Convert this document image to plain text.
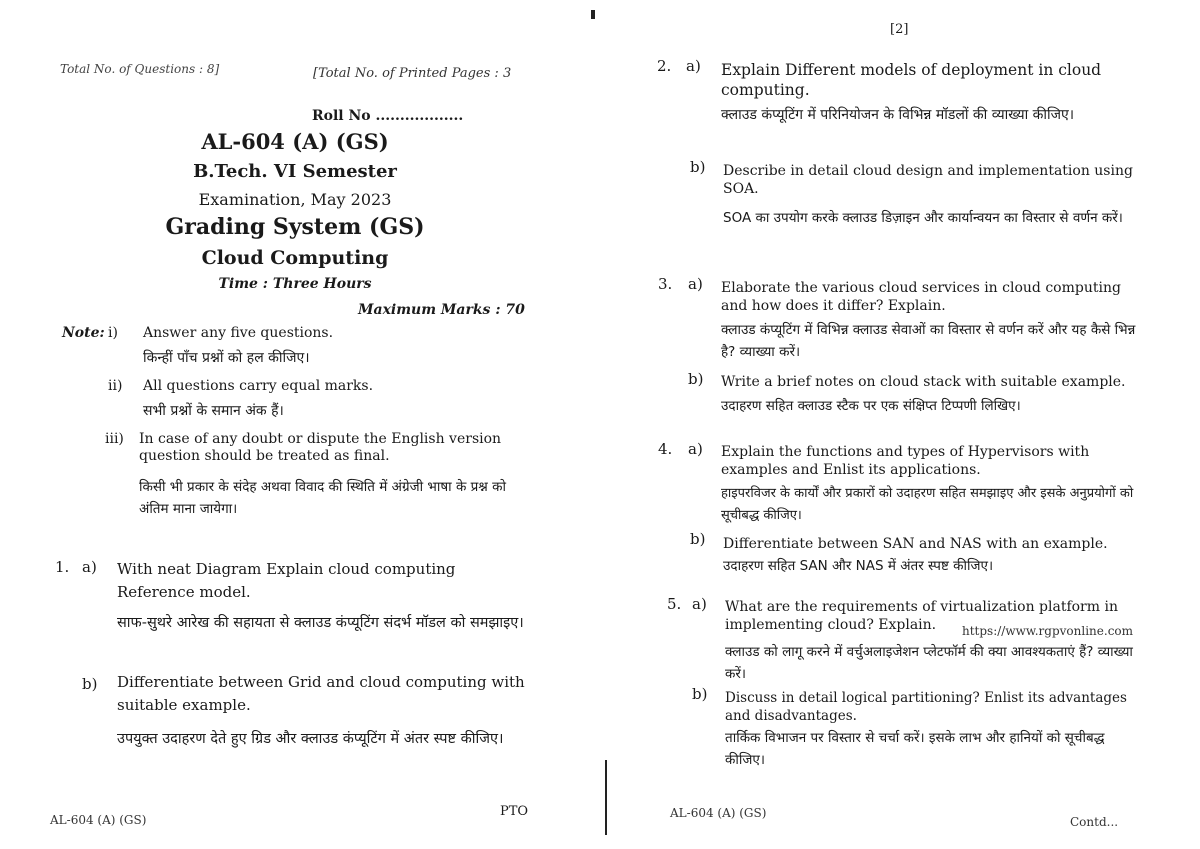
Total No. of Questions : 8]	[Total No. of Printed Pages : 3
Roll No ..................
AL-604 (A) (GS)
B.Tech. VI Semester
Examination, May 2023
Grading System (GS)
Cloud Computing
Time : Three Hours
Maximum Marks : 70
Note: i) Answer any five questions.
किन्हीं पाँच प्रश्नों को हल कीजिए।
ii) All questions carry equal marks.
सभी प्रश्नों के समान अंक हैं।
iii) In case of any doubt or dispute the English version question should be treated as final.
किसी भी प्रकार के संदेह अथवा विवाद की स्थिति में अंग्रेजी भाषा के प्रश्न को अंतिम माना जायेगा।
1. a) With neat Diagram Explain cloud computing Reference model.
साफ-सुथरे आरेख की सहायता से क्लाउड कंप्यूटिंग संदर्भ मॉडल को समझाइए।
b) Differentiate between Grid and cloud computing with suitable example.
उपयुक्त उदाहरण देते हुए ग्रिड और क्लाउड कंप्यूटिंग में अंतर स्पष्ट कीजिए।
AL-604 (A) (GS)
PTO
[2]
2. a) Explain Different models of deployment in cloud computing.
क्लाउड कंप्यूटिंग में परिनियोजन के विभिन्न मॉडलों की व्याख्या कीजिए।
b) Describe in detail cloud design and implementation using SOA.
SOA का उपयोग करके क्लाउड डिज़ाइन और कार्यान्वयन का विस्तार से वर्णन करें।
3. a) Elaborate the various cloud services in cloud computing and how does it differ? Explain.
क्लाउड कंप्यूटिंग में विभिन्न क्लाउड सेवाओं का विस्तार से वर्णन करें और यह कैसे भिन्न है? व्याख्या करें।
b) Write a brief notes on cloud stack with suitable example.
उदाहरण सहित क्लाउड स्टैक पर एक संक्षिप्त टिप्पणी लिखिए।
4. a) Explain the functions and types of Hypervisors with examples and Enlist its applications.
हाइपरविजर के कार्यों और प्रकारों को उदाहरण सहित समझाइए और इसके अनुप्रयोगों को सूचीबद्ध कीजिए।
b) Differentiate between SAN and NAS with an example.
उदाहरण सहित SAN और NAS में अंतर स्पष्ट कीजिए।
5. a) What are the requirements of virtualization platform in implementing cloud? Explain.	https://www.rgpvonline.com
क्लाउड को लागू करने में वर्चुअलाइजेशन प्लेटफॉर्म की क्या आवश्यकताएं हैं? व्याख्या करें।
b) Discuss in detail logical partitioning? Enlist its advantages and disadvantages.
तार्किक विभाजन पर विस्तार से चर्चा करें। इसके लाभ और हानियों को सूचीबद्ध कीजिए।
AL-604 (A) (GS)
Contd...
